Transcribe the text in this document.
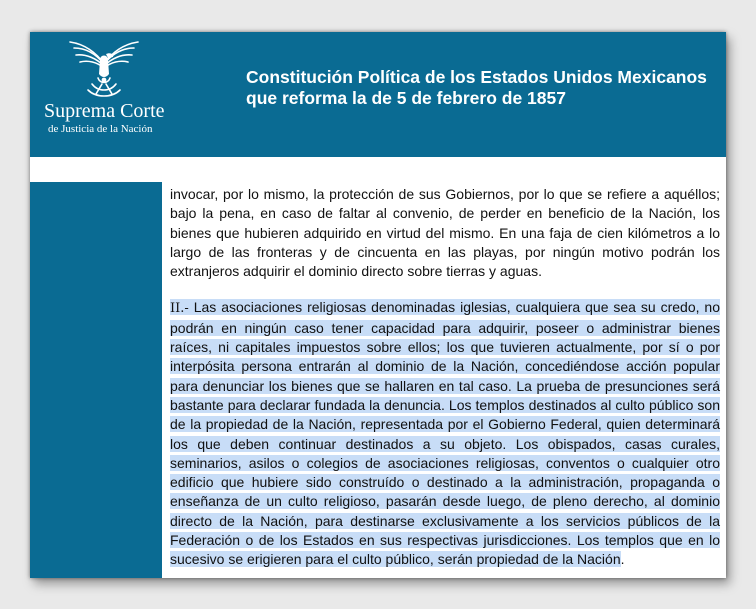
Suprema Corte
de Justicia de la Nación
Constitución Política de los Estados Unidos Mexicanos
que reforma la de 5 de febrero de 1857

invocar, por lo mismo, la protección de sus Gobiernos, por lo que se refiere a aquéllos; bajo la pena, en caso de faltar al convenio, de perder en beneficio de la Nación, los bienes que hubieren adquirido en virtud del mismo. En una faja de cien kilómetros a lo largo de las fronteras y de cincuenta en las playas, por ningún motivo podrán los extranjeros adquirir el dominio directo sobre tierras y aguas.

II.- Las asociaciones religiosas denominadas iglesias, cualquiera que sea su credo, no podrán en ningún caso tener capacidad para adquirir, poseer o administrar bienes raíces, ni capitales impuestos sobre ellos; los que tuvieren actualmente, por sí o por interpósita persona entrarán al dominio de la Nación, concediéndose acción popular para denunciar los bienes que se hallaren en tal caso. La prueba de presunciones será bastante para declarar fundada la denuncia. Los templos destinados al culto público son de la propiedad de la Nación, representada por el Gobierno Federal, quien determinará los que deben continuar destinados a su objeto. Los obispados, casas curales, seminarios, asilos o colegios de asociaciones religiosas, conventos o cualquier otro edificio que hubiere sido construído o destinado a la administración, propaganda o enseñanza de un culto religioso, pasarán desde luego, de pleno derecho, al dominio directo de la Nación, para destinarse exclusivamente a los servicios públicos de la Federación o de los Estados en sus respectivas jurisdicciones. Los templos que en lo sucesivo se erigieren para el culto público, serán propiedad de la Nación.
